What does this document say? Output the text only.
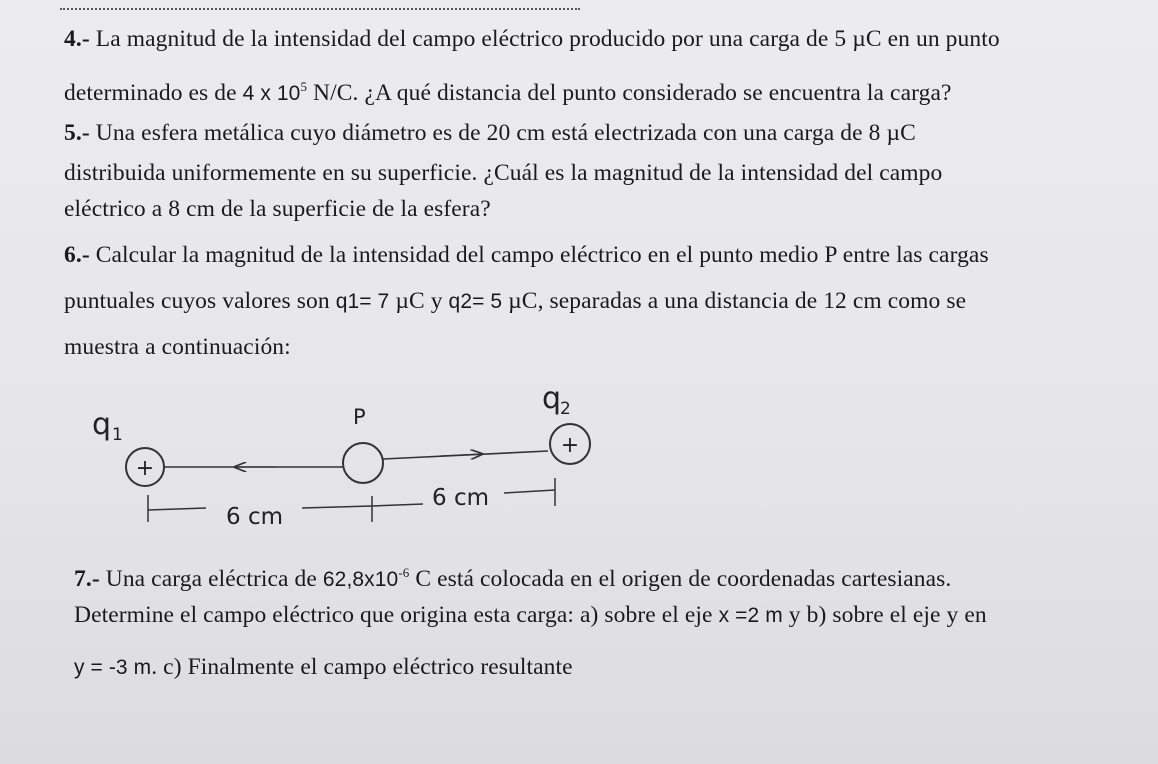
4.- La magnitud de la intensidad del campo eléctrico producido por una carga de 5 µC en un punto
determinado es de 4 x $10^5$ N/C. ¿A qué distancia del punto considerado se encuentra la carga?
5.- Una esfera metálica cuyo diámetro es de 20 cm está electrizada con una carga de 8 µC
distribuida uniformemente en su superficie. ¿Cuál es la magnitud de la intensidad del campo
eléctrico a 8 cm de la superficie de la esfera?
6.- Calcular la magnitud de la intensidad del campo eléctrico en el punto medio P entre las cargas
puntuales cuyos valores son q1= 7 µC y q2= 5 µC, separadas a una distancia de 12 cm como se
muestra a continuación:
q 1
P
q
2
+
+
6 cm
6 cm
7.- Una carga eléctrica de $62,8x10^{-6}$ C está colocada en el origen de coordenadas cartesianas.
Determine el campo eléctrico que origina esta carga: a) sobre el eje x =2 m y b) sobre el eje y en
y = -3 m. c) Finalmente el campo eléctrico resultante
